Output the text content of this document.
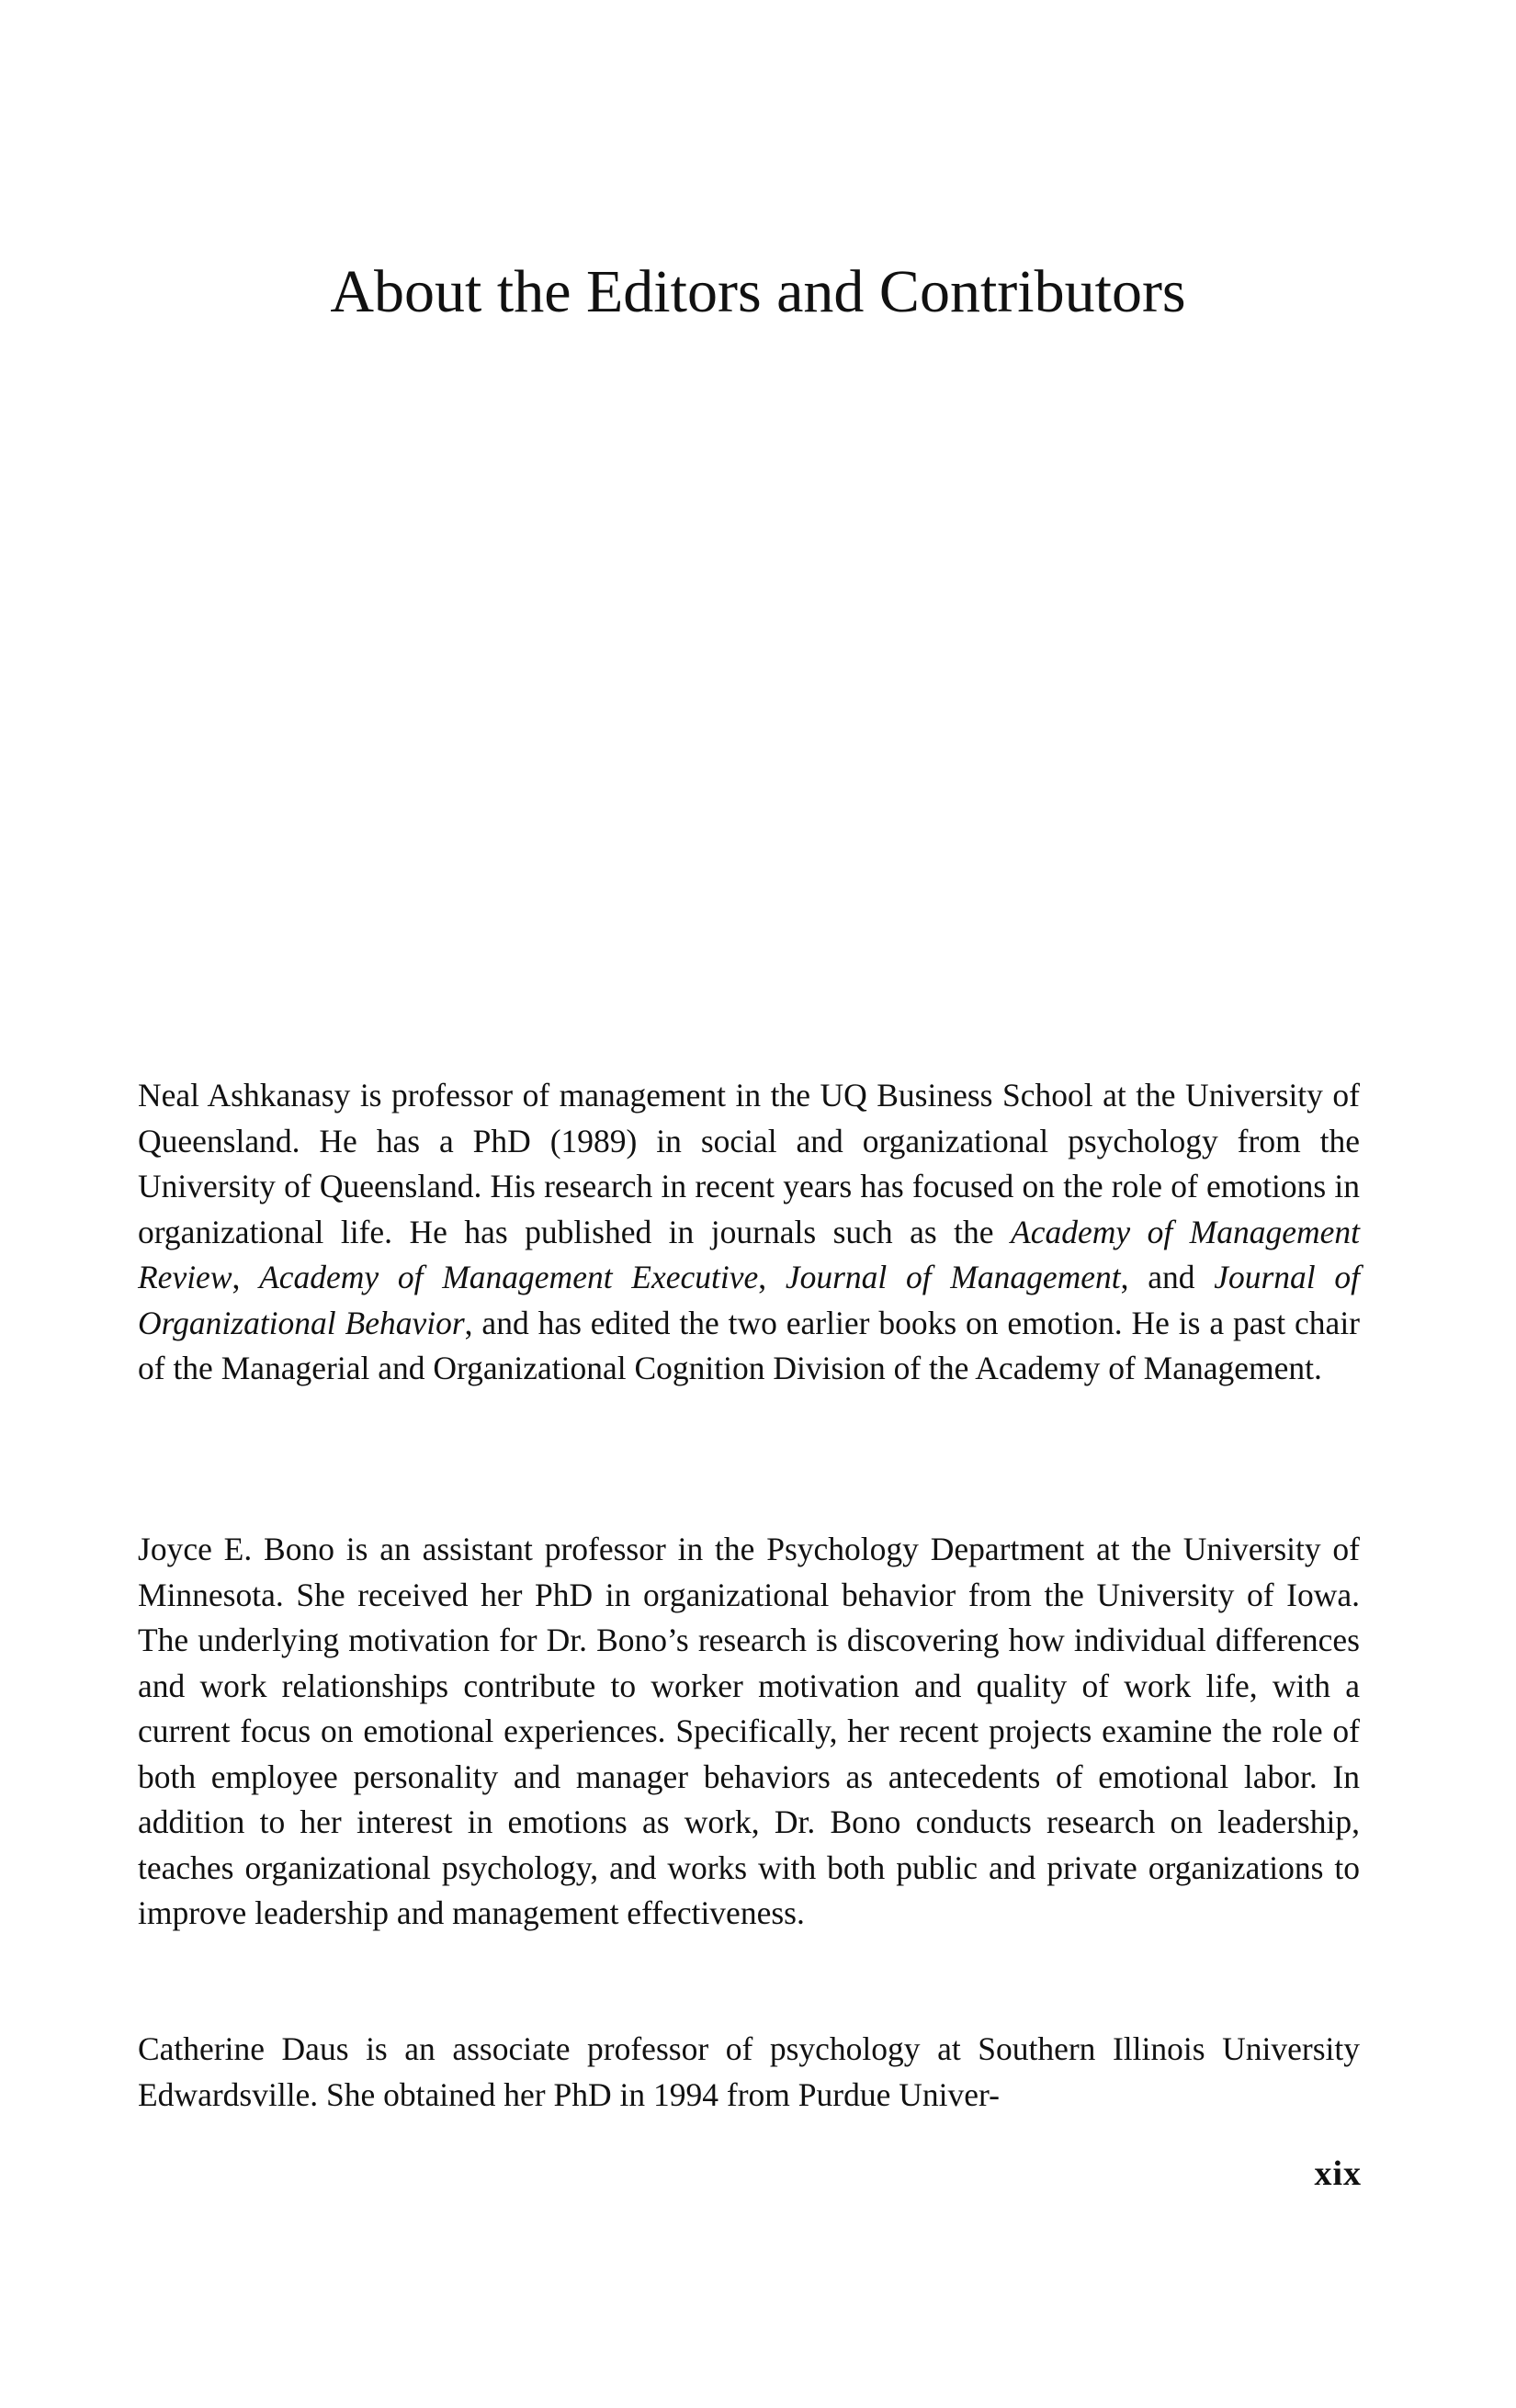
About the Editors and Contributors

Neal Ashkanasy is professor of management in the UQ Business School at the University of Queensland. He has a PhD (1989) in social and organizational psychology from the University of Queensland. His research in recent years has focused on the role of emotions in organizational life. He has published in journals such as the Academy of Management Review, Academy of Management Executive, Journal of Management, and Journal of Organizational Behavior, and has edited the two earlier books on emotion. He is a past chair of the Managerial and Organizational Cognition Division of the Academy of Management.

Joyce E. Bono is an assistant professor in the Psychology Department at the University of Minnesota. She received her PhD in organizational behavior from the University of Iowa. The underlying motivation for Dr. Bono’s research is discovering how individual differences and work relationships contribute to worker motivation and quality of work life, with a current focus on emotional experiences. Specifically, her recent projects examine the role of both employee personality and manager behaviors as antecedents of emotional labor. In addition to her interest in emotions as work, Dr. Bono conducts research on leadership, teaches organizational psychology, and works with both public and private organizations to improve leadership and management effectiveness.

Catherine Daus is an associate professor of psychology at Southern Illinois University Edwardsville. She obtained her PhD in 1994 from Purdue Univer-

xix
